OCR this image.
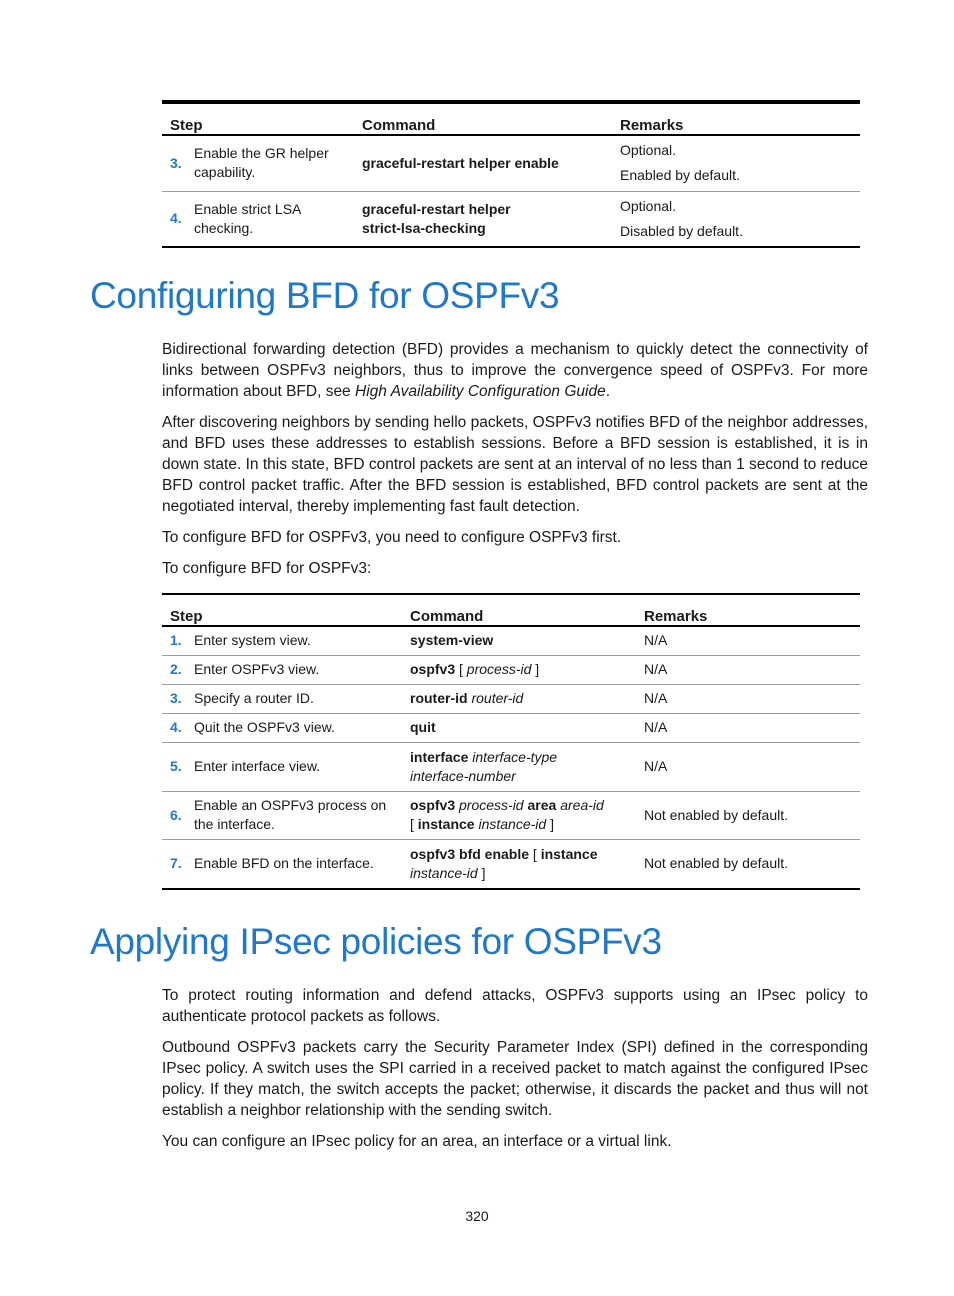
Step		Command	Remarks
3.	Enable the GR helper capability.	graceful-restart helper enable	Optional.
Enabled by default.

4.	Enable strict LSA checking.	graceful-restart helper
strict-lsa-checking	Optional.
Disabled by default.
Configuring BFD for OSPFv3

Bidirectional forwarding detection (BFD) provides a mechanism to quickly detect the connectivity of links between OSPFv3 neighbors, thus to improve the convergence speed of OSPFv3. For more information about BFD, see High Availability Configuration Guide.

After discovering neighbors by sending hello packets, OSPFv3 notifies BFD of the neighbor addresses, and BFD uses these addresses to establish sessions. Before a BFD session is established, it is in down state. In this state, BFD control packets are sent at an interval of no less than 1 second to reduce BFD control packet traffic. After the BFD session is established, BFD control packets are sent at the negotiated interval, thereby implementing fast fault detection.

To configure BFD for OSPFv3, you need to configure OSPFv3 first.

To configure BFD for OSPFv3:

Step		Command	Remarks
1.	Enter system view.	system-view	N/A
2.	Enter OSPFv3 view.	ospfv3 [ process-id ]	N/A
3.	Specify a router ID.	router-id router-id	N/A
4.	Quit the OSPFv3 view.	quit	N/A
5.	Enter interface view.	interface interface-type
interface-number	N/A
6.	Enable an OSPFv3 process on the interface.	ospfv3 process-id area area-id
[ instance instance-id ]	Not enabled by default.
7.	Enable BFD on the interface.	ospfv3 bfd enable [ instance
instance-id ]	Not enabled by default.
Applying IPsec policies for OSPFv3

To protect routing information and defend attacks, OSPFv3 supports using an IPsec policy to authenticate protocol packets as follows.

Outbound OSPFv3 packets carry the Security Parameter Index (SPI) defined in the corresponding IPsec policy. A switch uses the SPI carried in a received packet to match against the configured IPsec policy. If they match, the switch accepts the packet; otherwise, it discards the packet and thus will not establish a neighbor relationship with the sending switch.

You can configure an IPsec policy for an area, an interface or a virtual link.

320
